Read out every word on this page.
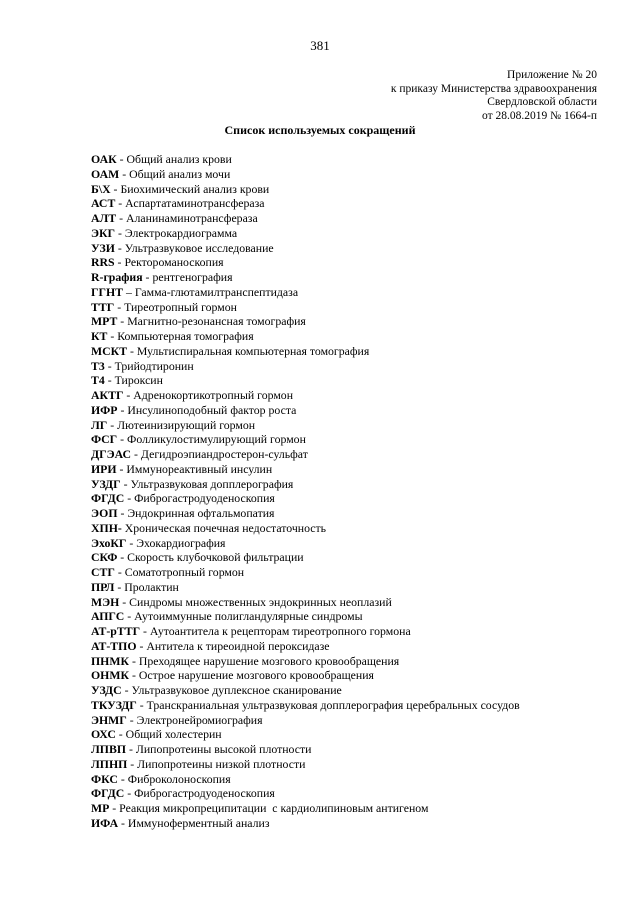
381
Приложение № 20
к приказу Министерства здравоохранения
Свердловской области
от 28.08.2019 № 1664-п
Список используемых сокращений
ОАК - Общий анализ крови
ОАМ - Общий анализ мочи
Б\Х - Биохимический анализ крови
АСТ - Аспартатаминотрансфераза
АЛТ - Аланинаминотрансфераза
ЭКГ - Электрокардиограмма
УЗИ - Ультразвуковое исследование
RRS - Ректороманоскопия
R-графия - рентгенография
ГГНТ – Гамма-глютамилтранспептидаза
ТТГ - Тиреотропный гормон
МРТ - Магнитно-резонансная томография
КТ - Компьютерная томография
МСКТ - Мультиспиральная компьютерная томография
Т3 - Трийодтиронин
Т4 - Тироксин
АКТГ - Адренокортикотропный гормон
ИФР - Инсулиноподобный фактор роста
ЛГ - Лютеинизирующий гормон
ФСГ - Фолликулостимулирующий гормон
ДГЭАС - Дегидроэпиандростерон-сульфат
ИРИ - Иммунореактивный инсулин
УЗДГ - Ультразвуковая допплерография
ФГДС - Фиброгастродуоденоскопия
ЭОП - Эндокринная офтальмопатия
ХПН- Хроническая почечная недостаточность
ЭхоКГ - Эхокардиография
СКФ - Скорость клубочковой фильтрации
СТГ - Соматотропный гормон
ПРЛ - Пролактин
МЭН - Синдромы множественных эндокринных неоплазий
АПГС - Аутоиммунные полигландулярные синдромы
АТ-рТТГ - Аутоантитела к рецепторам тиреотропного гормона
АТ-ТПО - Антитела к тиреоидной пероксидазе
ПНМК - Преходящее нарушение мозгового кровообращения
ОНМК - Острое нарушение мозгового кровообращения
УЗДС - Ультразвуковое дуплексное сканирование
ТКУЗДГ - Транскраниальная ультразвуковая допплерография церебральных сосудов
ЭНМГ - Электронейромиография
ОХС - Общий холестерин
ЛПВП - Липопротеины высокой плотности
ЛПНП - Липопротеины низкой плотности
ФКС - Фиброколоноскопия
ФГДС - Фиброгастродуоденоскопия
МР - Реакция микропреципитации  с кардиолипиновым антигеном
ИФА - Иммуноферментный анализ
